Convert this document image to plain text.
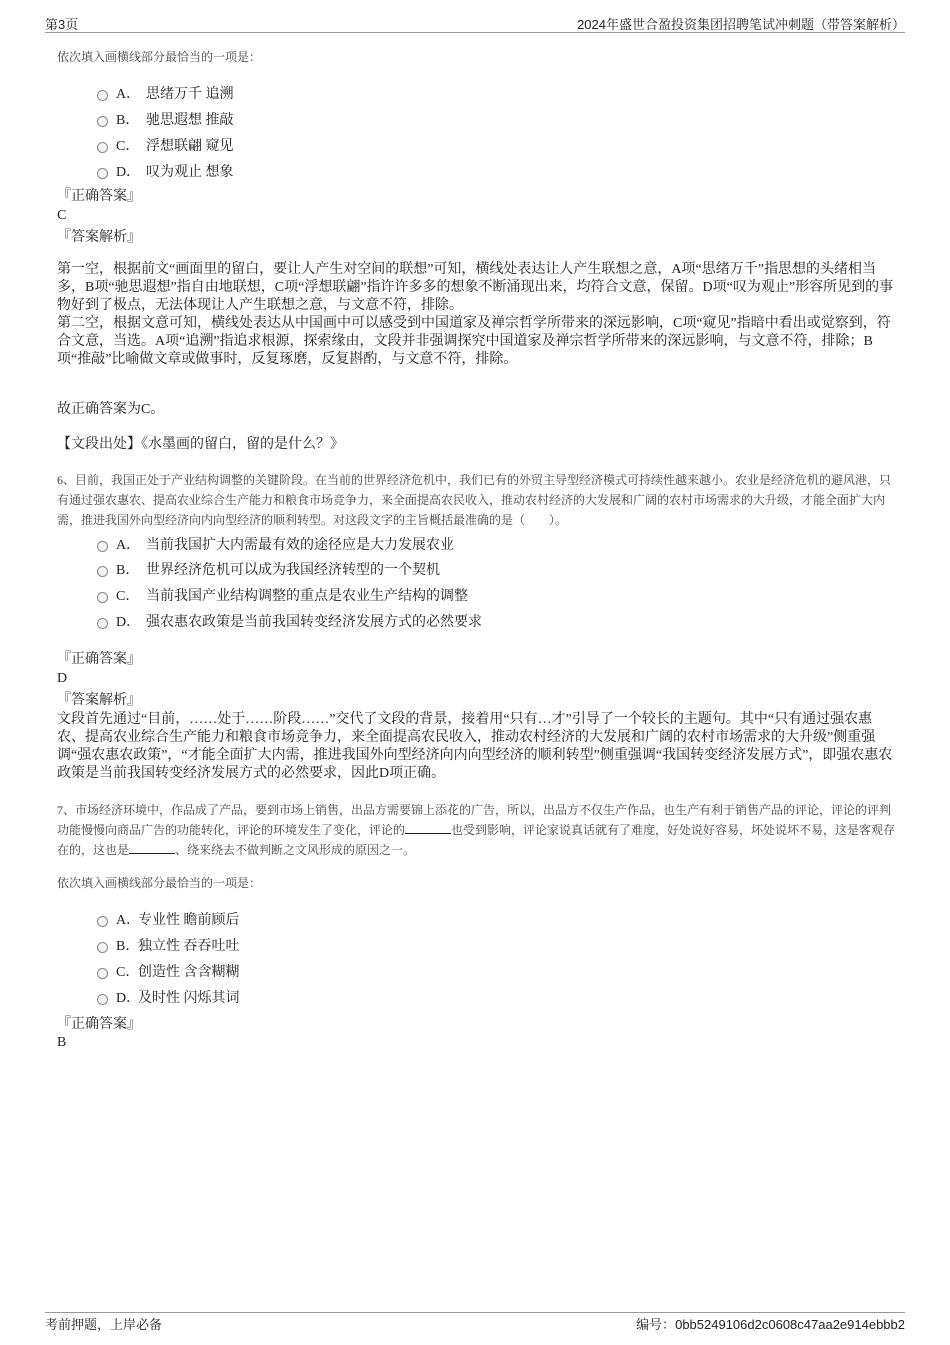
第3页	2024年盛世合盈投资集团招聘笔试冲刺题（带答案解析）
依次填入画横线部分最恰当的一项是：
A． 思绪万千 追溯
B． 驰思遐想 推敲
C． 浮想联翩 窥见
D． 叹为观止 想象
『正确答案』
C
『答案解析』
第一空，根据前文“画面里的留白，要让人产生对空间的联想”可知，横线处表达让人产生联想之意，A项“思绪万千”指思想的头绪相当多，B项“驰思遐想”指自由地联想，C项“浮想联翩”指许许多多的想象不断涌现出来，均符合文意，保留。D项“叹为观止”形容所见到的事物好到了极点，无法体现让人产生联想之意，与文意不符，排除。
第二空，根据文意可知，横线处表达从中国画中可以感受到中国道家及禅宗哲学所带来的深远影响，C项“窥见”指暗中看出或觉察到，符合文意，当选。A项“追溯”指追求根源，探索缘由，文段并非强调探究中国道家及禅宗哲学所带来的深远影响，与文意不符，排除；B项“推敲”比喻做文章或做事时，反复琢磨，反复斟酌，与文意不符，排除。
故正确答案为C。
【文段出处】《水墨画的留白，留的是什么？》
6、目前，我国正处于产业结构调整的关键阶段。在当前的世界经济危机中，我们已有的外贸主导型经济模式可持续性越来越小。农业是经济危机的避风港，只有通过强农惠农、提高农业综合生产能力和粮食市场竞争力，来全面提高农民收入，推动农村经济的大发展和广阔的农村市场需求的大升级，才能全面扩大内需，推进我国外向型经济向内向型经济的顺利转型。对这段文字的主旨概括最准确的是（　　）。
A． 当前我国扩大内需最有效的途径应是大力发展农业
B． 世界经济危机可以成为我国经济转型的一个契机
C． 当前我国产业结构调整的重点是农业生产结构的调整
D． 强农惠农政策是当前我国转变经济发展方式的必然要求
『正确答案』
D
『答案解析』
文段首先通过“目前，……处于……阶段……”交代了文段的背景，接着用“只有…才”引导了一个较长的主题句。其中“只有通过强农惠农、提高农业综合生产能力和粮食市场竞争力，来全面提高农民收入，推动农村经济的大发展和广阔的农村市场需求的大升级”侧重强调“强农惠农政策”，“才能全面扩大内需，推进我国外向型经济向内向型经济的顺利转型”侧重强调“我国转变经济发展方式”，即强农惠农政策是当前我国转变经济发展方式的必然要求，因此D项正确。
7、市场经济环境中，作品成了产品，要到市场上销售，出品方需要锦上添花的广告，所以，出品方不仅生产作品，也生产有利于销售产品的评论，评论的评判功能慢慢向商品广告的功能转化，评论的环境发生了变化，评论的	也受到影响，评论家说真话就有了难度，好处说好容易，坏处说坏不易，这是客观存在的，这也是	、绕来绕去不做判断之文风形成的原因之一。
依次填入画横线部分最恰当的一项是：
A．
专业性 瞻前顾后
B．
独立性 吞吞吐吐
C．
创造性 含含糊糊
D．
及时性 闪烁其词
『正确答案』
B
考前押题，上岸必备	编号：0bb5249106d2c0608c47aa2e914ebbb2
